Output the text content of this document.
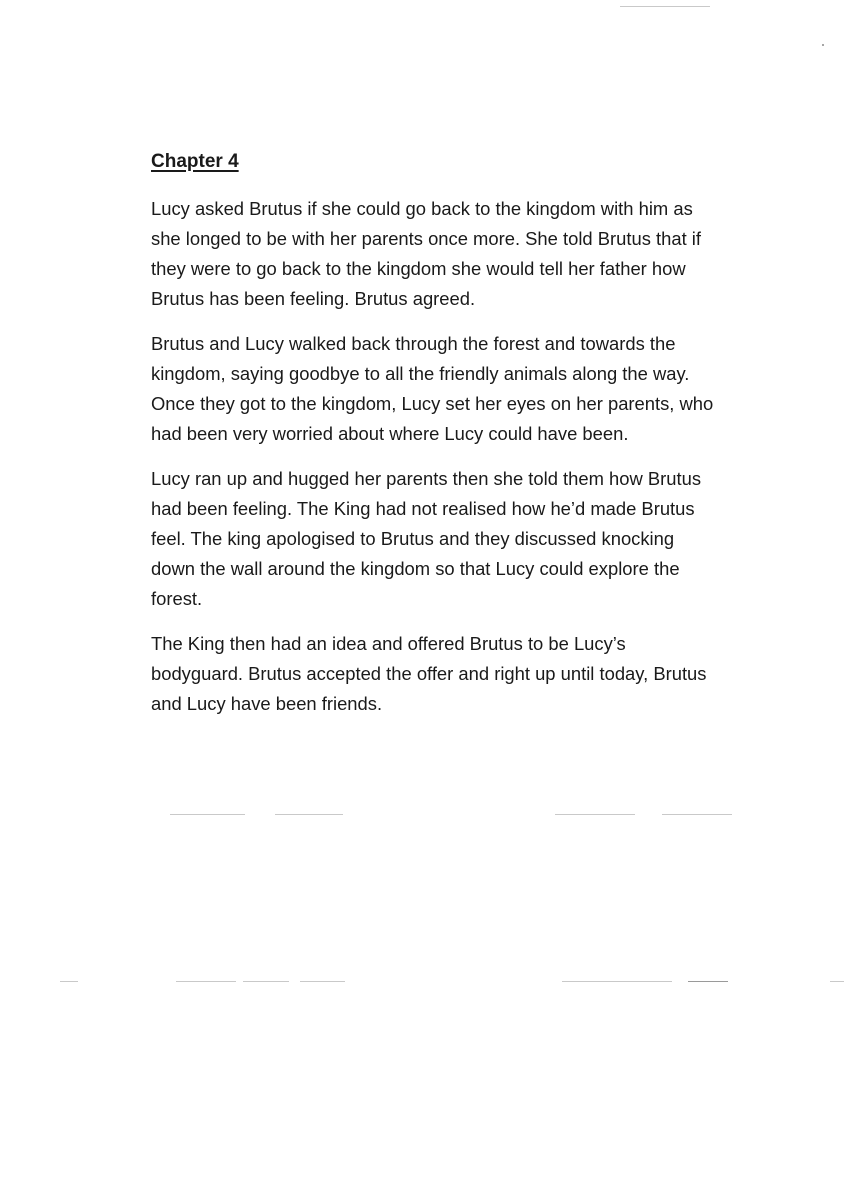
Chapter 4

Lucy asked Brutus if she could go back to the kingdom with him as she longed to be with her parents once more. She told Brutus that if they were to go back to the kingdom she would tell her father how Brutus has been feeling. Brutus agreed.

Brutus and Lucy walked back through the forest and towards the kingdom, saying goodbye to all the friendly animals along the way. Once they got to the kingdom, Lucy set her eyes on her parents, who had been very worried about where Lucy could have been.

Lucy ran up and hugged her parents then she told them how Brutus had been feeling. The King had not realised how he’d made Brutus feel. The king apologised to Brutus and they discussed knocking down the wall around the kingdom so that Lucy could explore the forest.

The King then had an idea and offered Brutus to be Lucy’s bodyguard. Brutus accepted the offer and right up until today, Brutus and Lucy have been friends.
